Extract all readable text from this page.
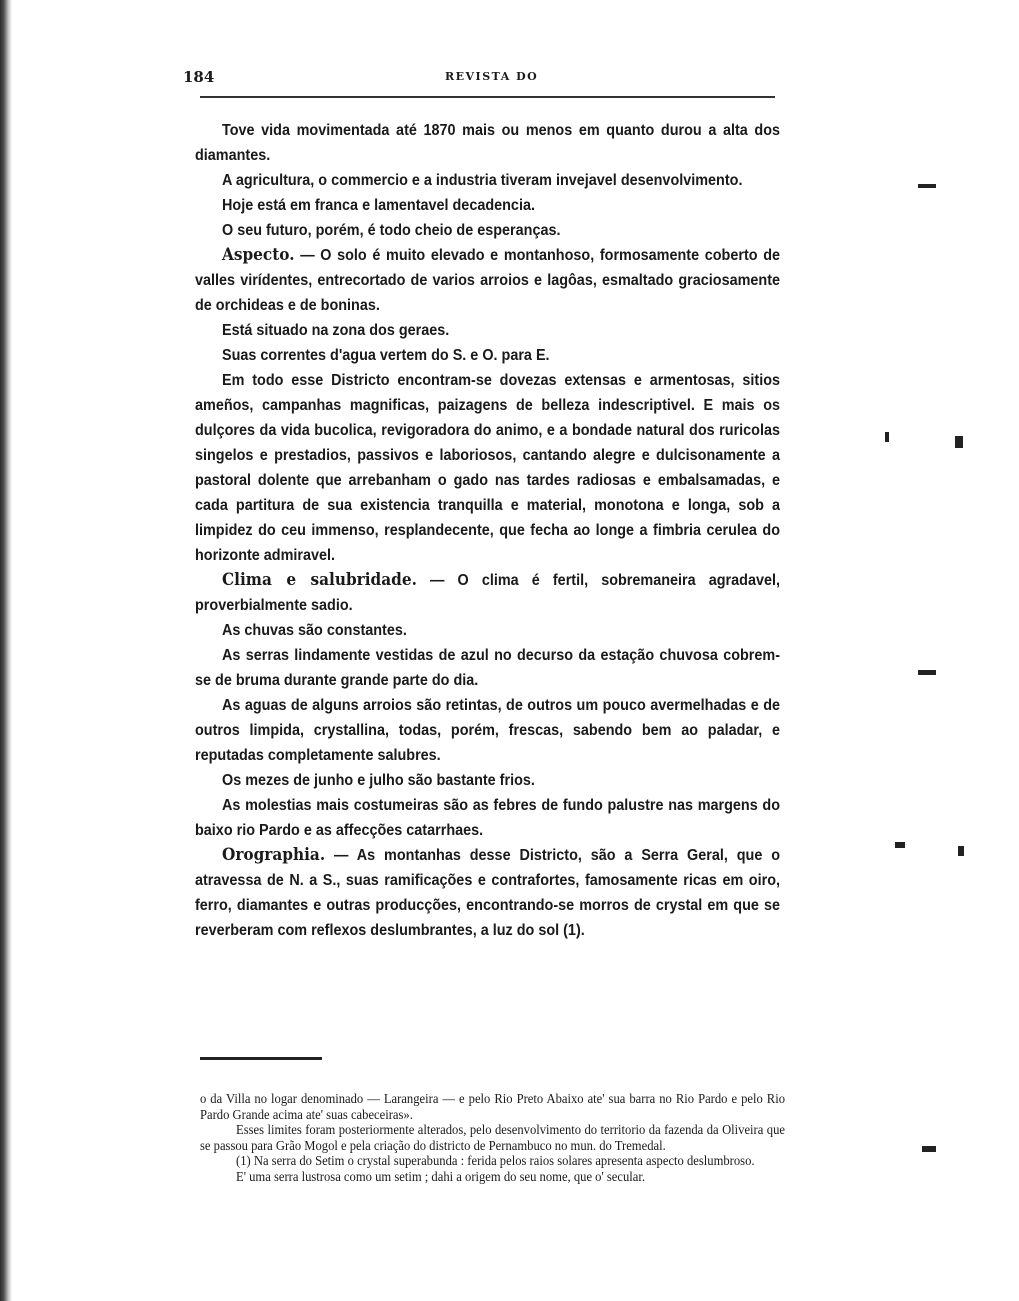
184	REVISTA DO

Tove vida movimentada até 1870 mais ou menos em quanto durou a alta dos diamantes.

A agricultura, o commercio e a industria tiveram invejavel desenvolvimento.

Hoje está em franca e lamentavel decadencia.

O seu futuro, porém, é todo cheio de esperanças.

Aspecto. — O solo é muito elevado e montanhoso, formosamente coberto de valles virídentes, entrecortado de varios arroios e lagôas, esmaltado graciosamente de orchideas e de boninas.

Está situado na zona dos geraes.

Suas correntes d'agua vertem do S. e O. para E.

Em todo esse Districto encontram-se dovezas extensas e armentosas, sitios ameños, campanhas magnificas, paizagens de belleza indescriptivel. E mais os dulçores da vida bucolica, revigoradora do animo, e a bondade natural dos ruricolas singelos e prestadios, passivos e laboriosos, cantando alegre e dulcisonamente a pastoral dolente que arrebanham o gado nas tardes radiosas e embalsamadas, e cada partitura de sua existencia tranquilla e material, monotona e longa, sob a limpidez do ceu immenso, resplandecente, que fecha ao longe a fimbria cerulea do horizonte admiravel.

Clima e salubridade. — O clima é fertil, sobremaneira agradavel, proverbialmente sadio.

As chuvas são constantes.

As serras lindamente vestidas de azul no decurso da estação chuvosa cobrem-se de bruma durante grande parte do dia.

As aguas de alguns arroios são retintas, de outros um pouco avermelhadas e de outros limpida, crystallina, todas, porém, frescas, sabendo bem ao paladar, e reputadas completamente salubres.

Os mezes de junho e julho são bastante frios.

As molestias mais costumeiras são as febres de fundo palustre nas margens do baixo rio Pardo e as affecções catarrhaes.

Orographia. — As montanhas desse Districto, são a Serra Geral, que o atravessa de N. a S., suas ramificações e contrafortes, famosamente ricas em oiro, ferro, diamantes e outras producções, encontrando-se morros de crystal em que se reverberam com reflexos deslumbrantes, a luz do sol (1).

o da Villa no logar denominado — Larangeira — e pelo Rio Preto Abaixo ate' sua barra no Rio Pardo e pelo Rio Pardo Grande acima ate' suas cabeceiras».

Esses limites foram posteriormente alterados, pelo desenvolvimento do territorio da fazenda da Oliveira que se passou para Grão Mogol e pela criação do districto de Pernambuco no mun. do Tremedal.

(1) Na serra do Setim o crystal superabunda : ferida pelos raios solares apresenta aspecto deslumbroso.

E' uma serra lustrosa como um setim ; dahi a origem do seu nome, que o' secular.
